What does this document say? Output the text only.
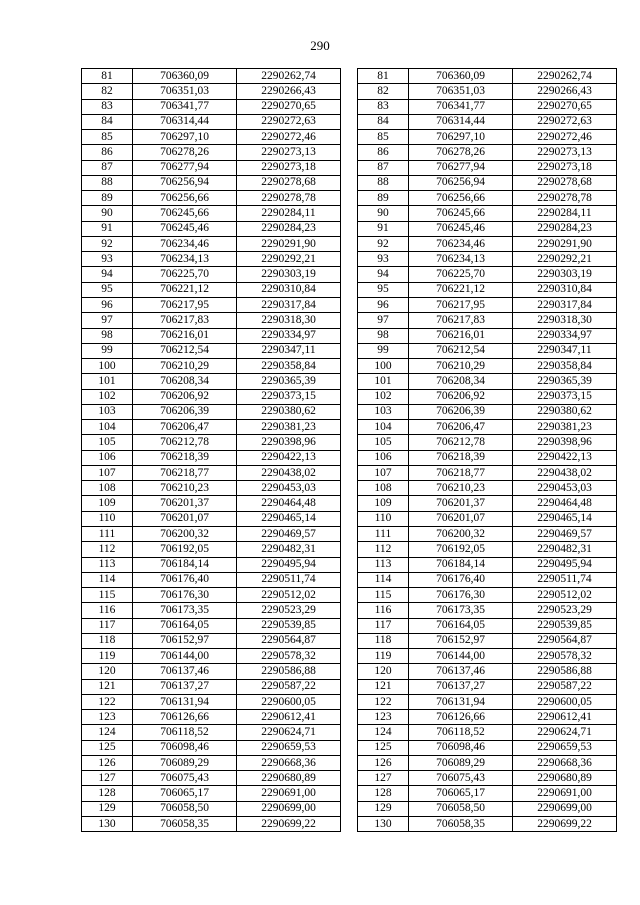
290
81	706360,09	2290262,74
82	706351,03	2290266,43
83	706341,77	2290270,65
84	706314,44	2290272,63
85	706297,10	2290272,46
86	706278,26	2290273,13
87	706277,94	2290273,18
88	706256,94	2290278,68
89	706256,66	2290278,78
90	706245,66	2290284,11
91	706245,46	2290284,23
92	706234,46	2290291,90
93	706234,13	2290292,21
94	706225,70	2290303,19
95	706221,12	2290310,84
96	706217,95	2290317,84
97	706217,83	2290318,30
98	706216,01	2290334,97
99	706212,54	2290347,11
100	706210,29	2290358,84
101	706208,34	2290365,39
102	706206,92	2290373,15
103	706206,39	2290380,62
104	706206,47	2290381,23
105	706212,78	2290398,96
106	706218,39	2290422,13
107	706218,77	2290438,02
108	706210,23	2290453,03
109	706201,37	2290464,48
110	706201,07	2290465,14
111	706200,32	2290469,57
112	706192,05	2290482,31
113	706184,14	2290495,94
114	706176,40	2290511,74
115	706176,30	2290512,02
116	706173,35	2290523,29
117	706164,05	2290539,85
118	706152,97	2290564,87
119	706144,00	2290578,32
120	706137,46	2290586,88
121	706137,27	2290587,22
122	706131,94	2290600,05
123	706126,66	2290612,41
124	706118,52	2290624,71
125	706098,46	2290659,53
126	706089,29	2290668,36
127	706075,43	2290680,89
128	706065,17	2290691,00
129	706058,50	2290699,00
130	706058,35	2290699,22
81	706360,09	2290262,74
82	706351,03	2290266,43
83	706341,77	2290270,65
84	706314,44	2290272,63
85	706297,10	2290272,46
86	706278,26	2290273,13
87	706277,94	2290273,18
88	706256,94	2290278,68
89	706256,66	2290278,78
90	706245,66	2290284,11
91	706245,46	2290284,23
92	706234,46	2290291,90
93	706234,13	2290292,21
94	706225,70	2290303,19
95	706221,12	2290310,84
96	706217,95	2290317,84
97	706217,83	2290318,30
98	706216,01	2290334,97
99	706212,54	2290347,11
100	706210,29	2290358,84
101	706208,34	2290365,39
102	706206,92	2290373,15
103	706206,39	2290380,62
104	706206,47	2290381,23
105	706212,78	2290398,96
106	706218,39	2290422,13
107	706218,77	2290438,02
108	706210,23	2290453,03
109	706201,37	2290464,48
110	706201,07	2290465,14
111	706200,32	2290469,57
112	706192,05	2290482,31
113	706184,14	2290495,94
114	706176,40	2290511,74
115	706176,30	2290512,02
116	706173,35	2290523,29
117	706164,05	2290539,85
118	706152,97	2290564,87
119	706144,00	2290578,32
120	706137,46	2290586,88
121	706137,27	2290587,22
122	706131,94	2290600,05
123	706126,66	2290612,41
124	706118,52	2290624,71
125	706098,46	2290659,53
126	706089,29	2290668,36
127	706075,43	2290680,89
128	706065,17	2290691,00
129	706058,50	2290699,00
130	706058,35	2290699,22
